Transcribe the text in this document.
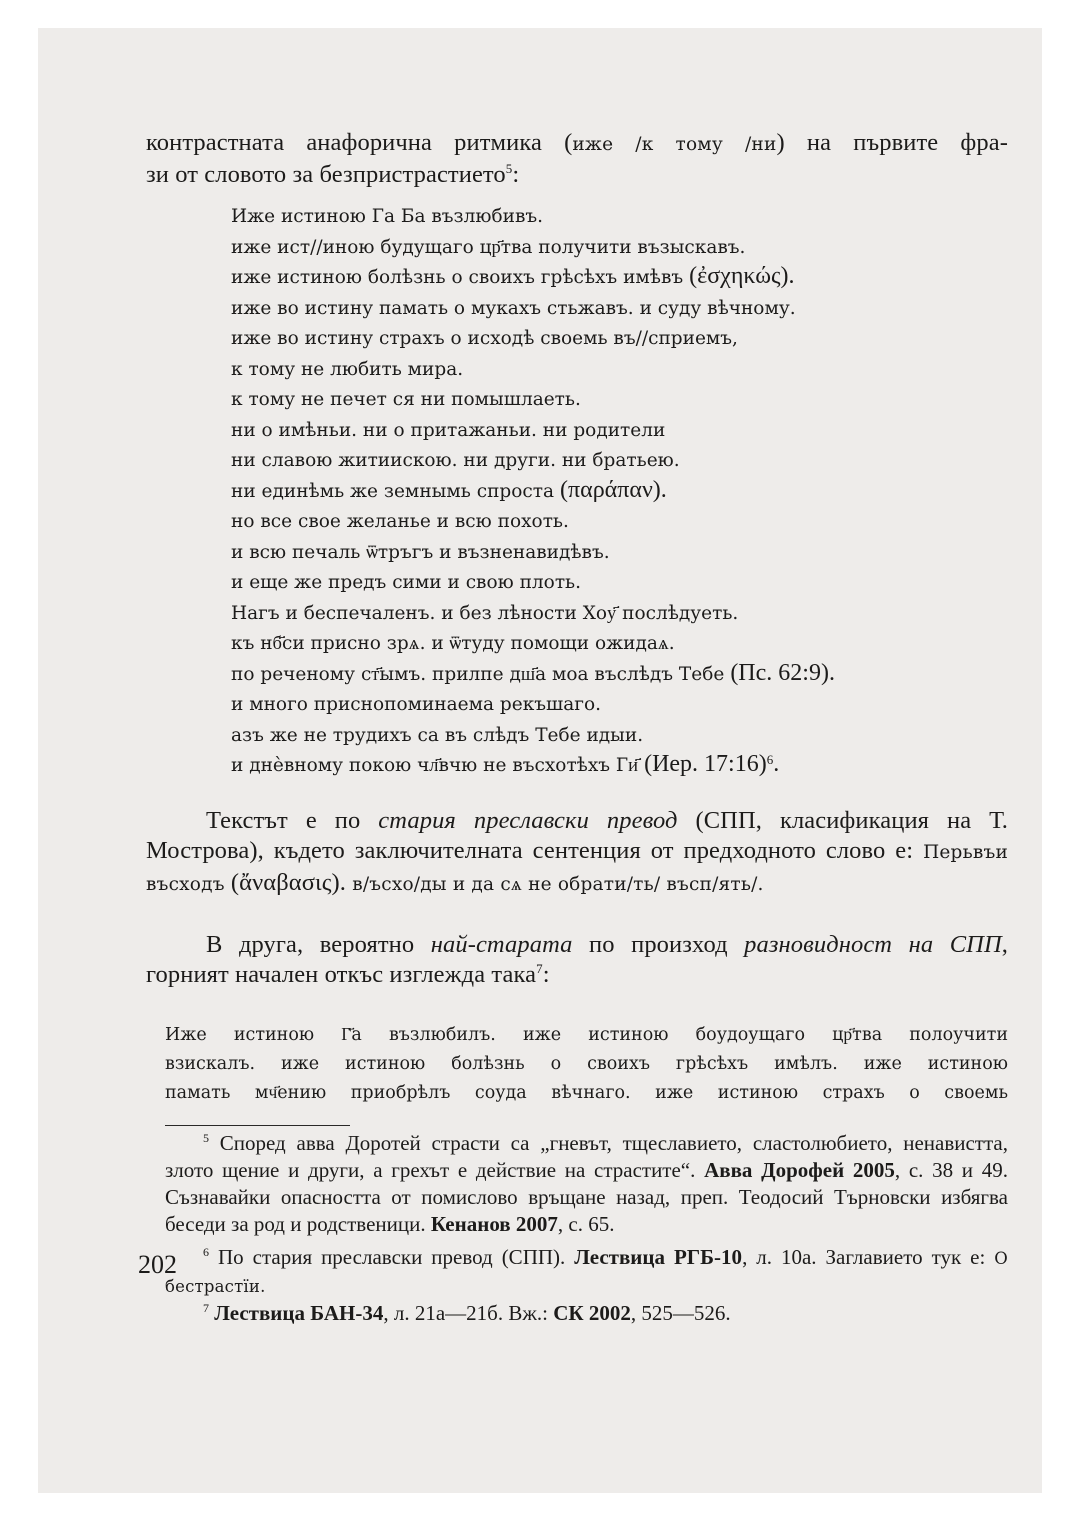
контрастната анафорична ритмика (иже /к тому /ни) на първите фра-
зи от словото за безпристрастието$^5$:
Иже истиною Га Ба възлюбивъ.
иже ист//иною будущаго цр҃тва получити възыскавъ.
иже истиною болѣзнь о своихъ грѣсѣхъ имѣвъ (ἐσχηκώς).
иже во истину памать о мукахъ стьжавъ. и суду вѣчному.
иже во истину страхъ о исходѣ своемь въ//сприемъ,
к тому не любить мира.
к тому не печет ся ни помышлаеть.
ни о имѣньи. ни о притажаньи. ни родители
ни славою житиискою. ни други. ни братьею.
ни единѣмь же земнымь спроста (παράπαν).
но все свое желанье и всю похоть.
и всю печаль ѿтръгъ и възненавидѣвъ.
и еще же предъ сими и свою плоть.
Нагъ и беспечаленъ. и без лѣности Хоу҃ послѣдуеть.
къ нб҃си присно зрѧ. и ѿтуду помощи ожидаѧ.
по реченому ст҃ымъ. прилпе дш҃а моа въслѣдъ Тебе (Пс. 62:9).
и много приснопоминаема рекъшаго.
азъ же не трудихъ са въ слѣдъ Тебе идыи.
и днѐвному покою чл҃вчю не въсхотѣхъ Ги҃ (Иер. 17:16)$^6$.
Текстът е по стария преславски превод (СПП, класификация на Т. Мострова), където заключителната сентенция от предходното слово е: Перьвъи въсходъ (ἄναβασις). в/ъсхо/ды и да сѧ не обрати/ть/ въсп/ять/.
В друга, вероятно най-старата по произход разновидност на СПП, горният начален откъс изглежда така$^7$:
Иже истиною Г҃а възлюбилъ. иже истиною боудоущаго цр҃тва полоучити
взискалъ. иже истиною болѣзнь о своихъ грѣсѣхъ имѣлъ. иже истиною
памать мч҃ению приобрѣлъ соуда вѣчнаго. иже истиною страхъ о своемь
$^5$ Според авва Доротей страсти са „гневът, тщеславието, сластолюбието, ненавистта, злото щение и други, а грехът е действие на страстите“. Авва Дорофей 2005, с. 38 и 49. Съзнавайки опасността от помислово връщане назад, преп. Теодосий Търновски избягва беседи за род и родственици. Кенанов 2007, с. 65.
$^6$ По стария преславски превод (СПП). Лествица РГБ-10, л. 10а. Заглавието тук е: О бестрастїи.
$^7$ Лествица БАН-34, л. 21а—21б. Вж.: СК 2002, 525—526.
202
